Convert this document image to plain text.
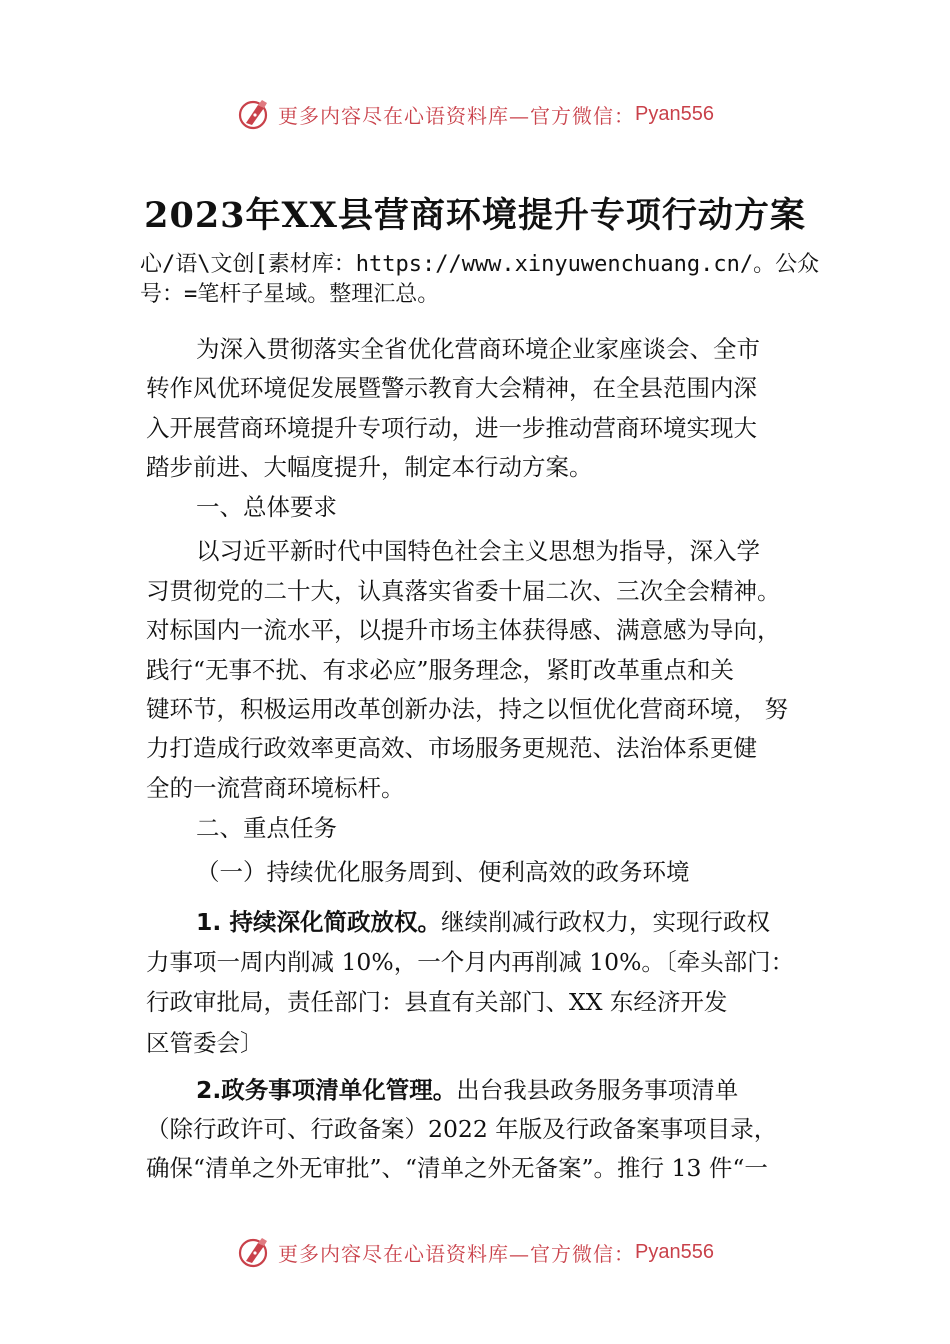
更多内容尽在心语资料库—官方微信： Pyan556
2023年XX县营商环境提升专项行动方案
心/语\文创[素材库：https://www.xinyuwenchuang.cn/。公众
号：=笔杆子星域。整理汇总。
为深入贯彻落实全省优化营商环境企业家座谈会、全市
转作风优环境促发展暨警示教育大会精神，在全县范围内深
入开展营商环境提升专项行动，进一步推动营商环境实现大
踏步前进、大幅度提升，制定本行动方案。
一、总体要求
以习近平新时代中国特色社会主义思想为指导，深入学
习贯彻党的二十大，认真落实省委十届二次、三次全会精神。
对标国内一流水平，以提升市场主体获得感、满意感为导向，
践行“无事不扰、有求必应”服务理念，紧盯改革重点和关
键环节，积极运用改革创新办法，持之以恒优化营商环境， 努
力打造成行政效率更高效、市场服务更规范、法治体系更健
全的一流营商环境标杆。
二、重点任务
（一）持续优化服务周到、便利高效的政务环境
1. 持续深化简政放权。继续削减行政权力，实现行政权
力事项一周内削减 10%，一个月内再削减 10%。〔牵头部门：
行政审批局，责任部门：县直有关部门、XX 东经济开发
区管委会〕
2.政务事项清单化管理。出台我县政务服务事项清单
（除行政许可、行政备案）2022 年版及行政备案事项目录，
确保“清单之外无审批”、“清单之外无备案”。推行 13 件“一
更多内容尽在心语资料库—官方微信： Pyan556
